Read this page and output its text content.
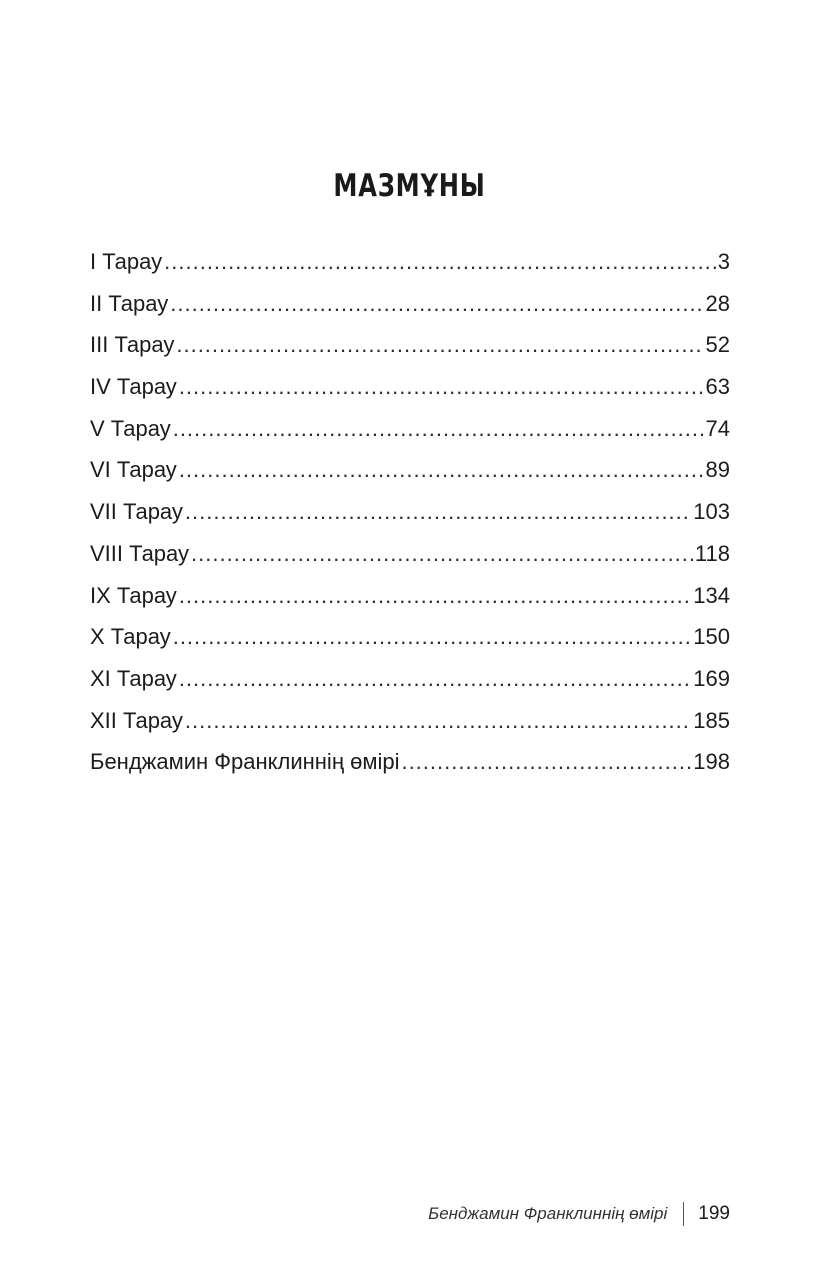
МАЗМҰНЫ
I Тарау .....	3
II Тарау .....	28
III Тарау .....	52
IV Тарау .....	63
V Тарау .....	74
VI Тарау .....	89
VII Тарау .....	103
VIII Тарау .....	118
IX Тарау .....	134
X Тарау .....	150
XI Тарау .....	169
XII Тарау .....	185
Бенджамин Франклиннің өмірі .....	198
Бенджамин Франклиннің өмірі 199
